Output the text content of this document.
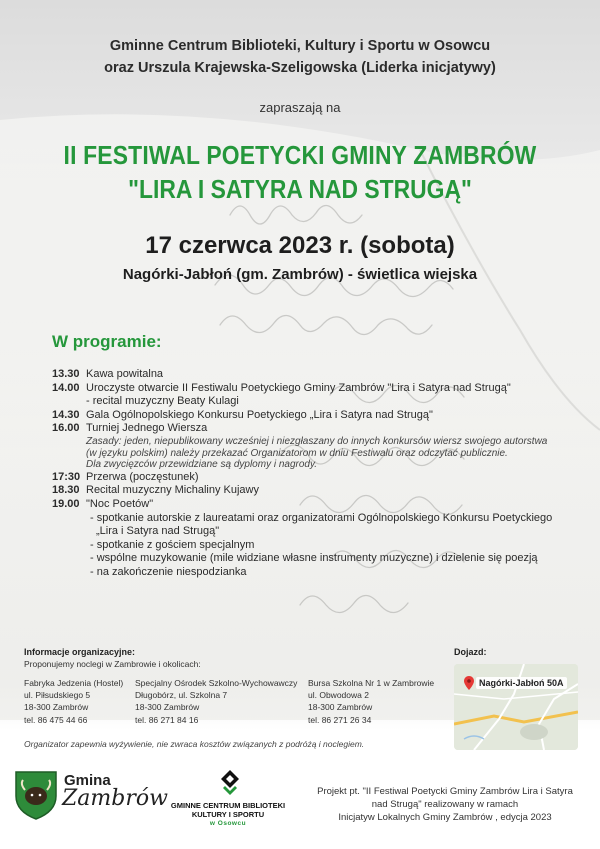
Gminne Centrum Biblioteki, Kultury i Sportu w Osowcu
oraz Urszula Krajewska-Szeligowska (Liderka inicjatywy)
zapraszają na
II FESTIWAL POETYCKI GMINY ZAMBRÓW
"LIRA I SATYRA NAD STRUGĄ"
17 czerwca 2023 r. (sobota)
Nagórki-Jabłoń (gm. Zambrów) - świetlica wiejska
W programie:
13.30 Kawa powitalna
14.00 Uroczyste otwarcie II Festiwalu Poetyckiego Gminy Zambrów "Lira i Satyra nad Strugą"
- recital muzyczny Beaty Kulagi
14.30 Gala Ogólnopolskiego Konkursu Poetyckiego „Lira i Satyra nad Strugą"
16.00 Turniej Jednego Wiersza
Zasady: jeden, niepublikowany wcześniej i niezgłaszany do innych konkursów wiersz swojego autorstwa
(w języku polskim) należy przekazać Organizatorom w dniu Festiwalu oraz odczytać publicznie.
Dla zwycięzców przewidziane są dyplomy i nagrody.
17:30 Przerwa (poczęstunek)
18.30 Recital muzyczny Michaliny Kujawy
19.00 "Noc Poetów"
- spotkanie autorskie z laureatami oraz organizatorami Ogólnopolskiego Konkursu Poetyckiego
„Lira i Satyra nad Strugą"
- spotkanie z gościem specjalnym
- wspólne muzykowanie (mile widziane własne instrumenty muzyczne) i dzielenie się poezją
- na zakończenie niespodzianka
Informacje organizacyjne:
Proponujemy noclegi w Zambrowie i okolicach:
Fabryka Jedzenia (Hostel)
ul. Piłsudskiego 5
18-300 Zambrów
tel. 86 475 44 66
Specjalny Ośrodek Szkolno-Wychowawczy
Długobórz, ul. Szkolna 7
18-300 Zambrów
tel. 86 271 84 16
Bursa Szkolna Nr 1 w Zambrowie
ul. Obwodowa 2
18-300 Zambrów
tel. 86 271 26 34
Organizator zapewnia wyżywienie, nie zwraca kosztów związanych z podróżą i noclegiem.
Dojazd:
Nagórki-Jabłoń 50A
Gmina
Zambrów GMINNE CENTRUM BIBLIOTEKI
KULTURY I SPORTU
w Osowcu
Projekt pt. "II Festiwal Poetycki Gminy Zambrów Lira i Satyra
nad Strugą" realizowany w ramach
Inicjatyw Lokalnych Gminy Zambrów , edycja 2023
